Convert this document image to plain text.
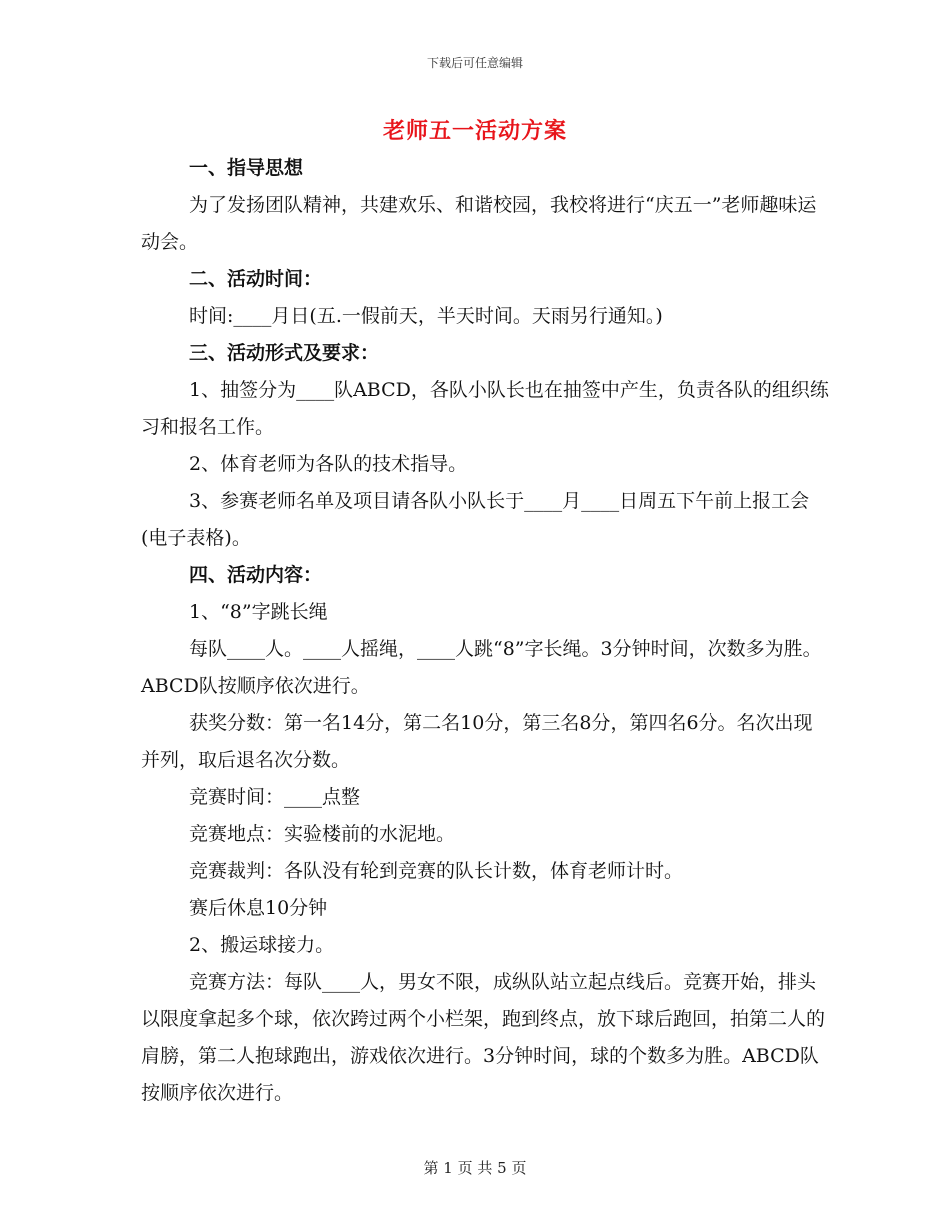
下载后可任意编辑
老师五一活动方案

一、指导思想

为了发扬团队精神，共建欢乐、和谐校园，我校将进行“庆五一”老师趣味运动会。

二、活动时间：

时间:____月日(五.一假前天，半天时间。天雨另行通知。)

三、活动形式及要求：

1、抽签分为____队ABCD，各队小队长也在抽签中产生，负责各队的组织练习和报名工作。

2、体育老师为各队的技术指导。

3、参赛老师名单及项目请各队小队长于____月____日周五下午前上报工会(电子表格)。

四、活动内容：

1、“8”字跳长绳

每队____人。____人摇绳，____人跳“8”字长绳。3分钟时间，次数多为胜。ABCD队按顺序依次进行。

获奖分数：第一名14分，第二名10分，第三名8分，第四名6分。名次出现并列，取后退名次分数。

竞赛时间：____点整

竞赛地点：实验楼前的水泥地。

竞赛裁判：各队没有轮到竞赛的队长计数，体育老师计时。

赛后休息10分钟

2、搬运球接力。

竞赛方法：每队____人，男女不限，成纵队站立起点线后。竞赛开始，排头以限度拿起多个球，依次跨过两个小栏架，跑到终点，放下球后跑回，拍第二人的肩膀，第二人抱球跑出，游戏依次进行。3分钟时间，球的个数多为胜。ABCD队按顺序依次进行。

第 1 页 共 5 页
